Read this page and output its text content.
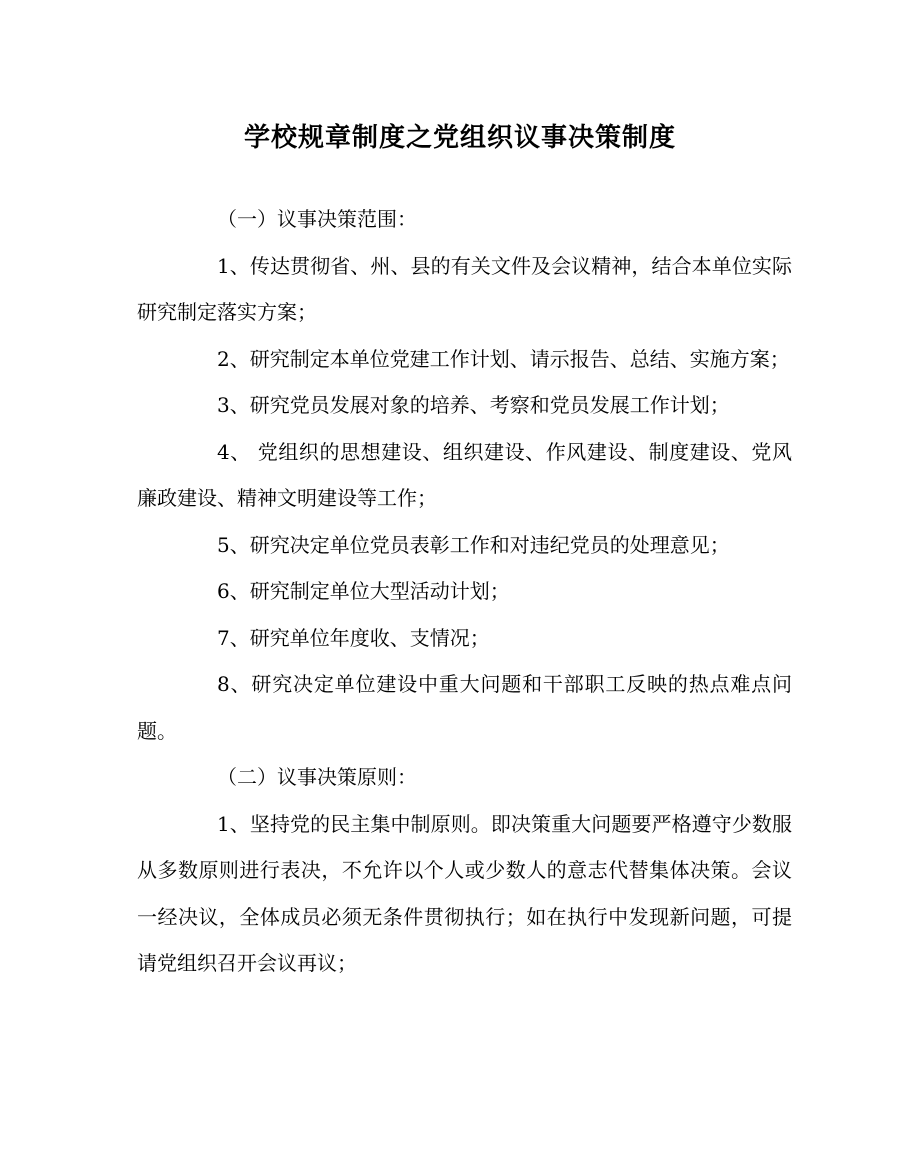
学校规章制度之党组织议事决策制度

（一）议事决策范围：

1、传达贯彻省、州、县的有关文件及会议精神，结合本单位实际研究制定落实方案；

2、研究制定本单位党建工作计划、请示报告、总结、实施方案；

3、研究党员发展对象的培养、考察和党员发展工作计划；

4、 党组织的思想建设、组织建设、作风建设、制度建设、党风廉政建设、精神文明建设等工作；

5、研究决定单位党员表彰工作和对违纪党员的处理意见；

6、研究制定单位大型活动计划；

7、研究单位年度收、支情况；

8、研究决定单位建设中重大问题和干部职工反映的热点难点问题。

（二）议事决策原则：

1、坚持党的民主集中制原则。即决策重大问题要严格遵守少数服从多数原则进行表决，不允许以个人或少数人的意志代替集体决策。会议一经决议，全体成员必须无条件贯彻执行；如在执行中发现新问题，可提请党组织召开会议再议；
